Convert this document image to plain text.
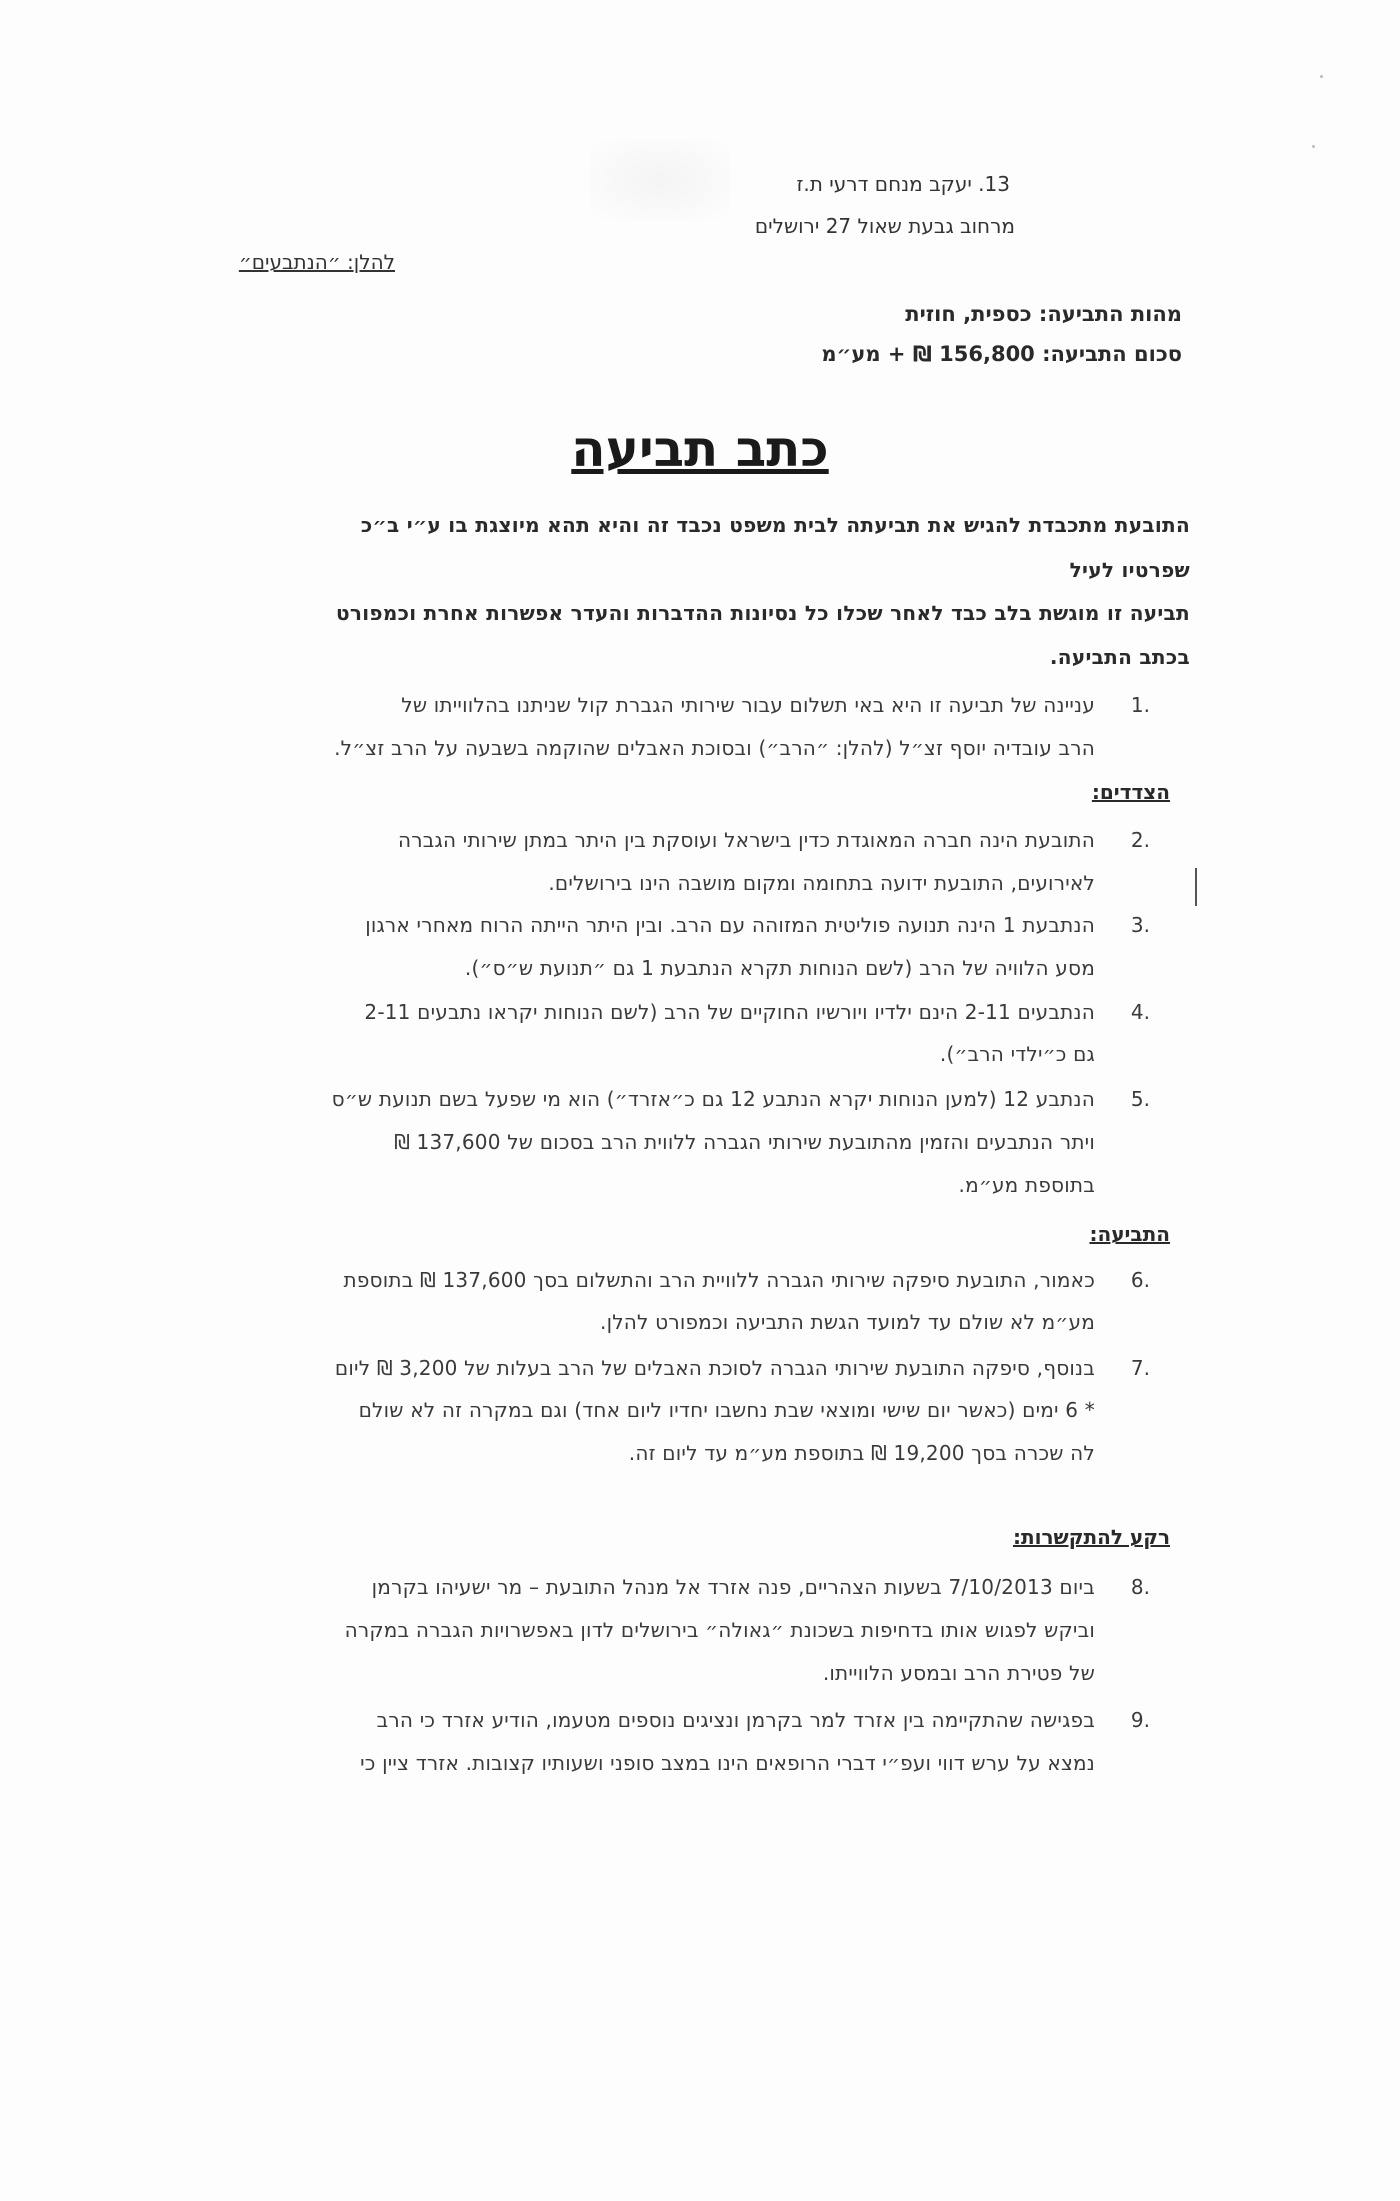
13. יעקב מנחם דרעי ת.ז
מרחוב גבעת שאול 27 ירושלים
להלן: ״הנתבעים״
מהות התביעה: כספית, חוזית
סכום התביעה: 156,800 ₪ + מע״מ
כתב תביעה
התובעת מתכבדת להגיש את תביעתה לבית משפט נכבד זה והיא תהא מיוצגת בו ע״י ב״כ
שפרטיו לעיל
תביעה זו מוגשת בלב כבד לאחר שכלו כל נסיונות ההדברות והעדר אפשרות אחרת וכמפורט
בכתב התביעה.
1.
עניינה של תביעה זו היא באי תשלום עבור שירותי הגברת קול שניתנו בהלווייתו של
הרב עובדיה יוסף זצ״ל (להלן: ״הרב״) ובסוכת האבלים שהוקמה בשבעה על הרב זצ״ל.
הצדדים:
2.
התובעת הינה חברה המאוגדת כדין בישראל ועוסקת בין היתר במתן שירותי הגברה
לאירועים, התובעת ידועה בתחומה ומקום מושבה הינו בירושלים.
3.
הנתבעת 1 הינה תנועה פוליטית המזוהה עם הרב. ובין היתר הייתה הרוח מאחרי ארגון
מסע הלוויה של הרב (לשם הנוחות תקרא הנתבעת 1 גם ״תנועת ש״ס״).
4.
הנתבעים 2-11 הינם ילדיו ויורשיו החוקיים של הרב (לשם הנוחות יקראו נתבעים 2-11
גם כ״ילדי הרב״).
5.
הנתבע 12 (למען הנוחות יקרא הנתבע 12 גם כ״אזרד״) הוא מי שפעל בשם תנועת ש״ס
ויתר הנתבעים והזמין מהתובעת שירותי הגברה ללווית הרב בסכום של 137,600 ₪
בתוספת מע״מ.
התביעה:
6.
כאמור, התובעת סיפקה שירותי הגברה ללוויית הרב והתשלום בסך 137,600 ₪ בתוספת
מע״מ לא שולם עד למועד הגשת התביעה וכמפורט להלן.
7.
בנוסף, סיפקה התובעת שירותי הגברה לסוכת האבלים של הרב בעלות של 3,200 ₪ ליום
* 6 ימים (כאשר יום שישי ומוצאי שבת נחשבו יחדיו ליום אחד) וגם במקרה זה לא שולם
לה שכרה בסך 19,200 ₪ בתוספת מע״מ עד ליום זה.
רקע להתקשרות:
8.
ביום 7/10/2013 בשעות הצהריים, פנה אזרד אל מנהל התובעת – מר ישעיהו בקרמן
וביקש לפגוש אותו בדחיפות בשכונת ״גאולה״ בירושלים לדון באפשרויות הגברה במקרה
של פטירת הרב ובמסע הלווייתו.
9.
בפגישה שהתקיימה בין אזרד למר בקרמן ונציגים נוספים מטעמו, הודיע אזרד כי הרב
נמצא על ערש דווי ועפ״י דברי הרופאים הינו במצב סופני ושעותיו קצובות. אזרד ציין כי
